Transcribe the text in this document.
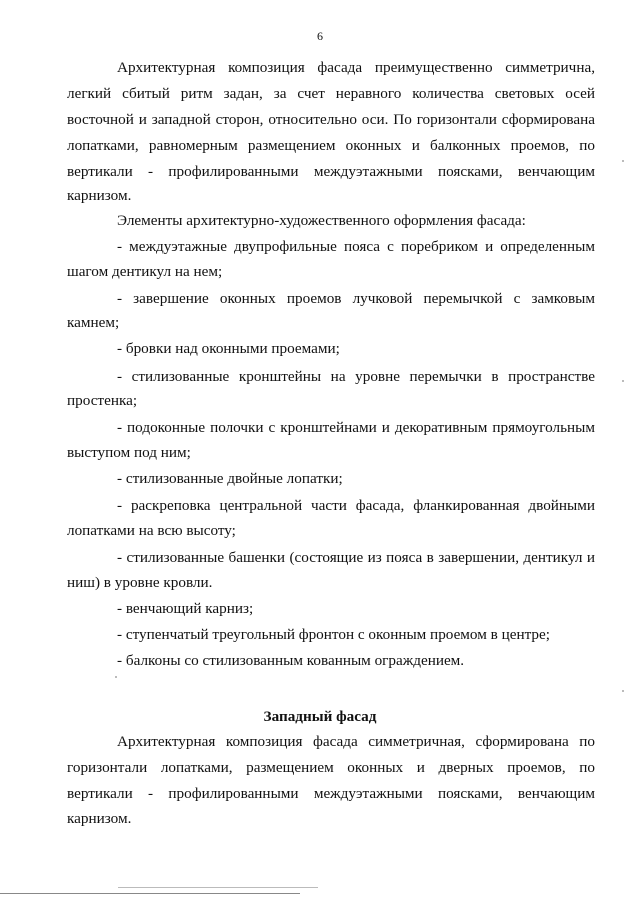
6
Архитектурная композиция фасада преимущественно симметрична,
легкий сбитый ритм задан, за счет неравного количества световых осей
восточной и западной сторон, относительно оси. По горизонтали сформирована
лопатками, равномерным размещением оконных и балконных проемов, по
вертикали - профилированными междуэтажными поясками, венчающим
карнизом.
Элементы архитектурно-художественного оформления фасада:
- междуэтажные двупрофильные пояса с поребриком и определенным
шагом дентикул на нем;
- завершение оконных проемов лучковой перемычкой с замковым
камнем;
- бровки над оконными проемами;
- стилизованные кронштейны на уровне перемычки в пространстве
простенка;
- подоконные полочки с кронштейнами и декоративным прямоугольным
выступом под ним;
- стилизованные двойные лопатки;
- раскреповка центральной части фасада, фланкированная двойными
лопатками на всю высоту;
- стилизованные башенки (состоящие из пояса в завершении, дентикул и
ниш) в уровне кровли.
- венчающий карниз;
- ступенчатый треугольный фронтон с оконным проемом в центре;
- балконы со стилизованным кованным ограждением.
Западный фасад
Архитектурная композиция фасада симметричная, сформирована по
горизонтали лопатками, размещением оконных и дверных проемов, по
вертикали - профилированными междуэтажными поясками, венчающим
карнизом.
